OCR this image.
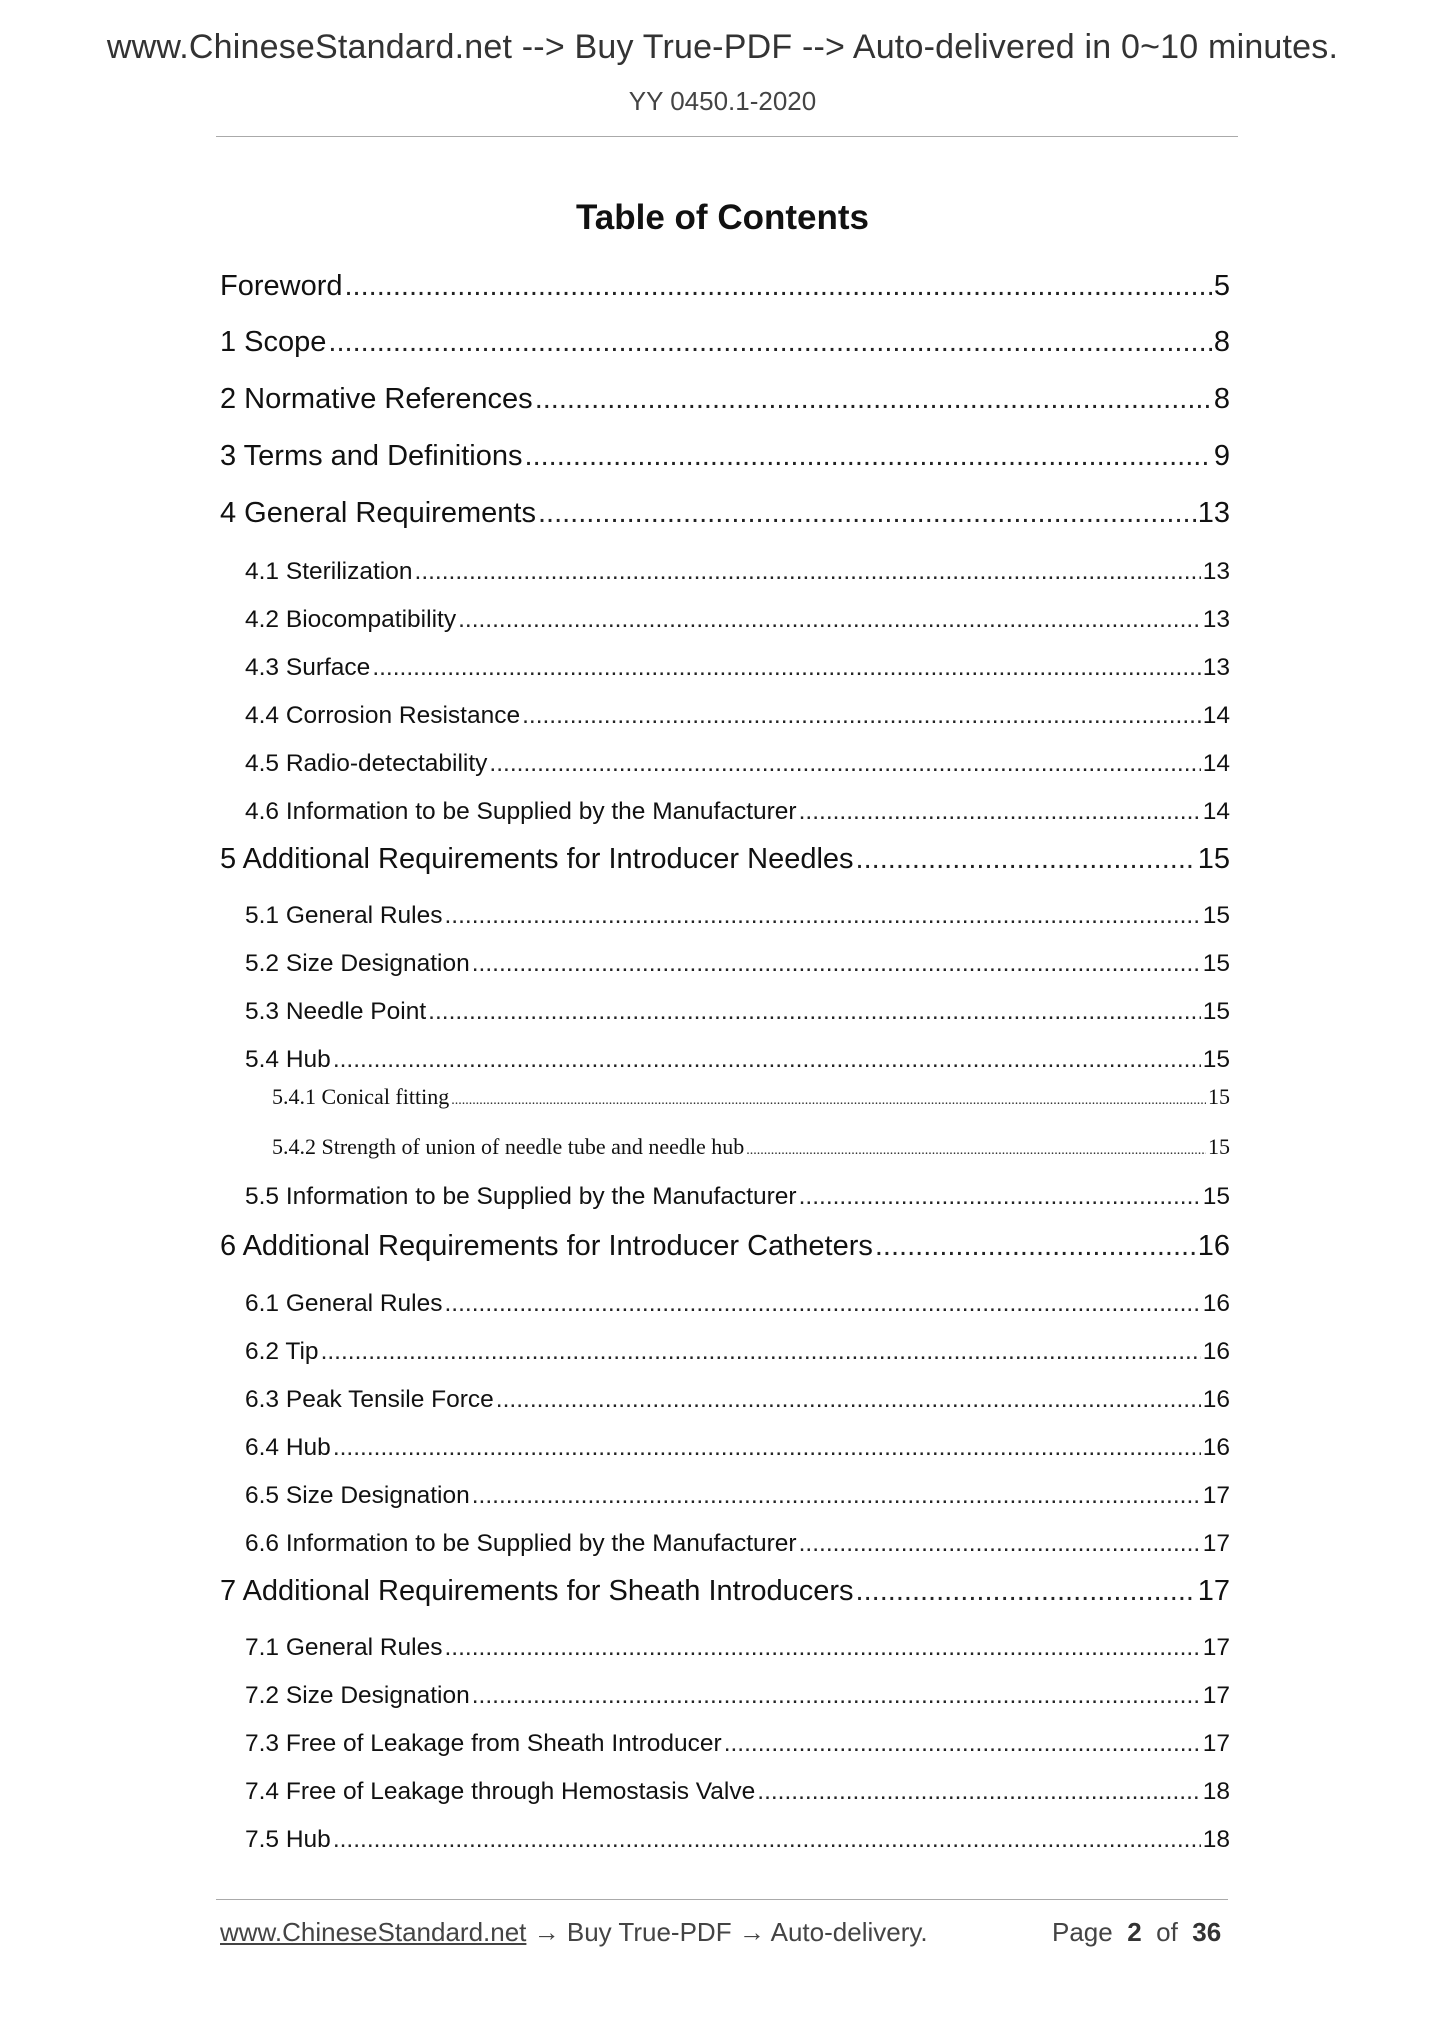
www.ChineseStandard.net --> Buy True-PDF --> Auto-delivered in 0~10 minutes.
YY 0450.1-2020
Table of Contents
Foreword .....	5
1 Scope .....	8
2 Normative References .....	8
3 Terms and Definitions .....	9
4 General Requirements .....	13
4.1 Sterilization .....	13
4.2 Biocompatibility .....	13
4.3 Surface .....	13
4.4 Corrosion Resistance .....	14
4.5 Radio-detectability .....	14
4.6 Information to be Supplied by the Manufacturer .....	14
5 Additional Requirements for Introducer Needles .....	15
5.1 General Rules .....	15
5.2 Size Designation .....	15
5.3 Needle Point .....	15
5.4 Hub .....	15
5.4.1 Conical fitting .....	15
5.4.2 Strength of union of needle tube and needle hub .....	15
5.5 Information to be Supplied by the Manufacturer .....	15
6 Additional Requirements for Introducer Catheters .....	16
6.1 General Rules .....	16
6.2 Tip .....	16
6.3 Peak Tensile Force .....	16
6.4 Hub .....	16
6.5 Size Designation .....	17
6.6 Information to be Supplied by the Manufacturer .....	17
7 Additional Requirements for Sheath Introducers .....	17
7.1 General Rules .....	17
7.2 Size Designation .....	17
7.3 Free of Leakage from Sheath Introducer .....	17
7.4 Free of Leakage through Hemostasis Valve .....	18
7.5 Hub .....	18
www.ChineseStandard.net → Buy True-PDF → Auto-delivery.	Page 2 of 36
